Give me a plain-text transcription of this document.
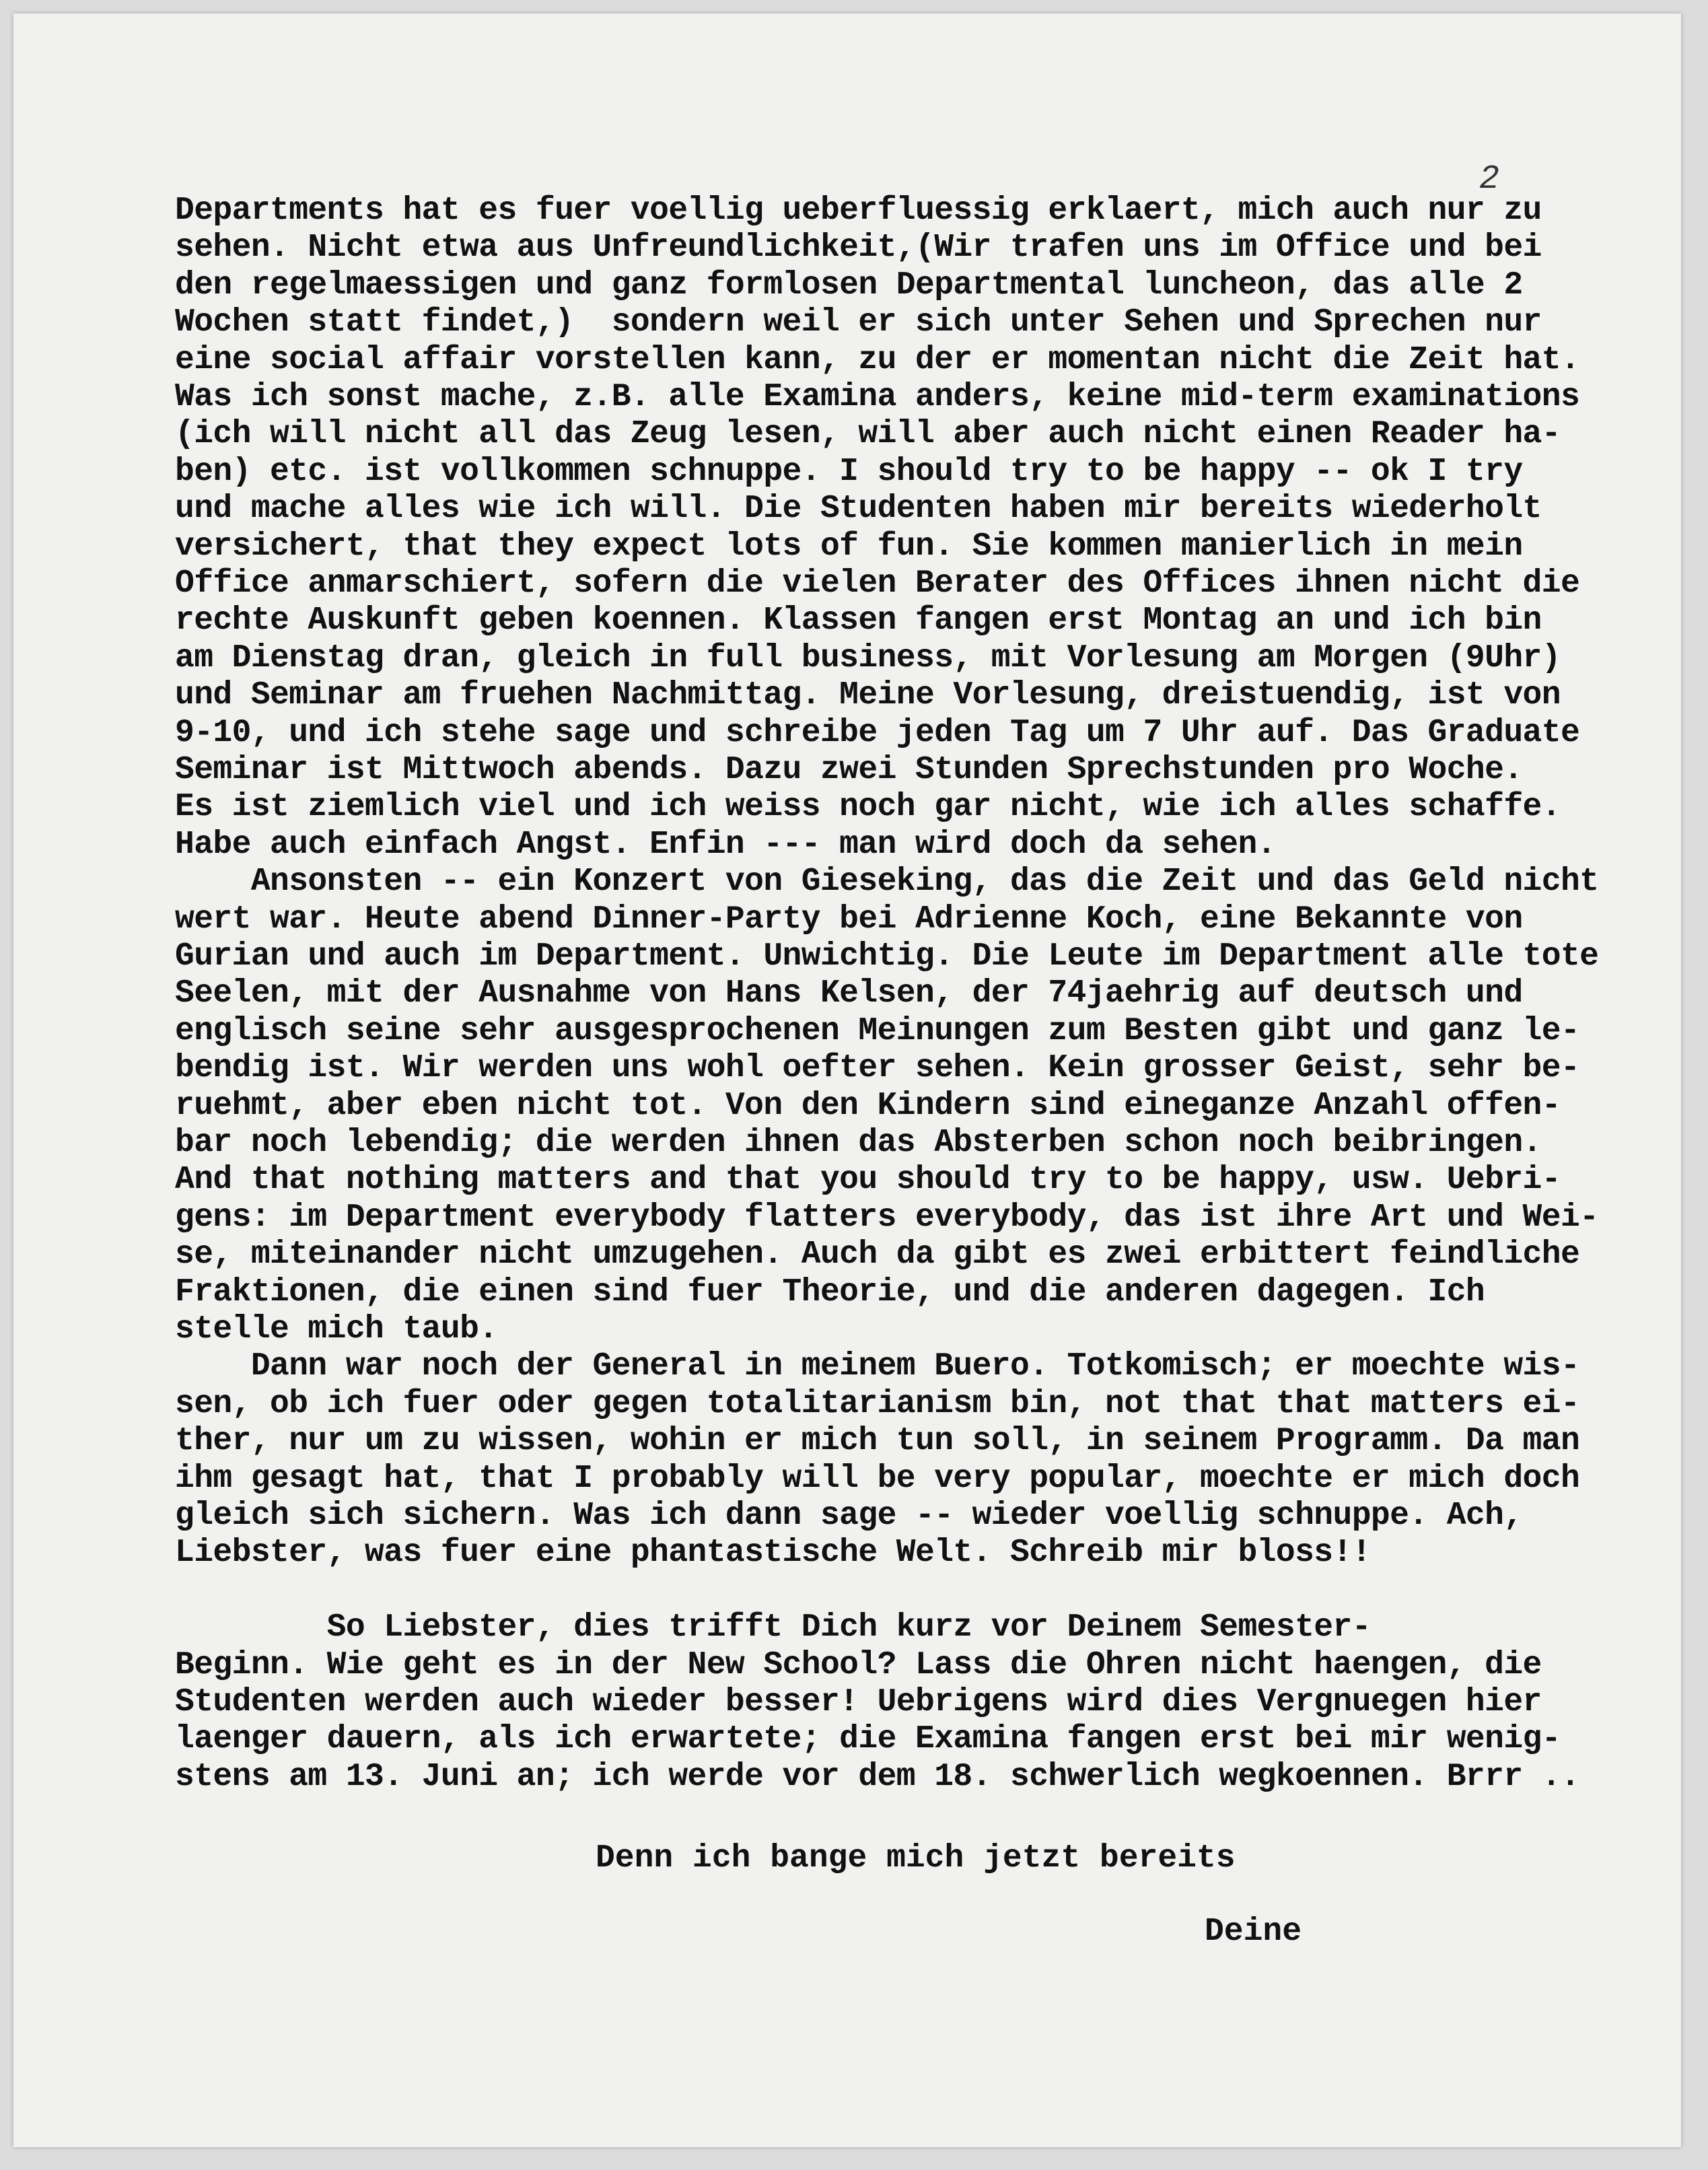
2
Departments hat es fuer voellig ueberfluessig erklaert, mich auch nur zu
sehen. Nicht etwa aus Unfreundlichkeit,(Wir trafen uns im Office und bei
den regelmaessigen und ganz formlosen Departmental luncheon, das alle 2
Wochen statt findet,)  sondern weil er sich unter Sehen und Sprechen nur
eine social affair vorstellen kann, zu der er momentan nicht die Zeit hat.
Was ich sonst mache, z.B. alle Examina anders, keine mid-term examinations
(ich will nicht all das Zeug lesen, will aber auch nicht einen Reader ha-
ben) etc. ist vollkommen schnuppe. I should try to be happy -- ok I try
und mache alles wie ich will. Die Studenten haben mir bereits wiederholt
versichert, that they expect lots of fun. Sie kommen manierlich in mein
Office anmarschiert, sofern die vielen Berater des Offices ihnen nicht die
rechte Auskunft geben koennen. Klassen fangen erst Montag an und ich bin
am Dienstag dran, gleich in full business, mit Vorlesung am Morgen (9Uhr)
und Seminar am fruehen Nachmittag. Meine Vorlesung, dreistuendig, ist von
9-10, und ich stehe sage und schreibe jeden Tag um 7 Uhr auf. Das Graduate
Seminar ist Mittwoch abends. Dazu zwei Stunden Sprechstunden pro Woche.
Es ist ziemlich viel und ich weiss noch gar nicht, wie ich alles schaffe.
Habe auch einfach Angst. Enfin --- man wird doch da sehen.
Ansonsten -- ein Konzert von Gieseking, das die Zeit und das Geld nicht
wert war. Heute abend Dinner-Party bei Adrienne Koch, eine Bekannte von
Gurian und auch im Department. Unwichtig. Die Leute im Department alle tote
Seelen, mit der Ausnahme von Hans Kelsen, der 74jaehrig auf deutsch und
englisch seine sehr ausgesprochenen Meinungen zum Besten gibt und ganz le-
bendig ist. Wir werden uns wohl oefter sehen. Kein grosser Geist, sehr be-
ruehmt, aber eben nicht tot. Von den Kindern sind eineganze Anzahl offen-
bar noch lebendig; die werden ihnen das Absterben schon noch beibringen.
And that nothing matters and that you should try to be happy, usw. Uebri-
gens: im Department everybody flatters everybody, das ist ihre Art und Wei-
se, miteinander nicht umzugehen. Auch da gibt es zwei erbittert feindliche
Fraktionen, die einen sind fuer Theorie, und die anderen dagegen. Ich
stelle mich taub.
Dann war noch der General in meinem Buero. Totkomisch; er moechte wis-
sen, ob ich fuer oder gegen totalitarianism bin, not that that matters ei-
ther, nur um zu wissen, wohin er mich tun soll, in seinem Programm. Da man
ihm gesagt hat, that I probably will be very popular, moechte er mich doch
gleich sich sichern. Was ich dann sage -- wieder voellig schnuppe. Ach,
Liebster, was fuer eine phantastische Welt. Schreib mir bloss!!
So Liebster, dies trifft Dich kurz vor Deinem Semester-
Beginn. Wie geht es in der New School? Lass die Ohren nicht haengen, die
Studenten werden auch wieder besser! Uebrigens wird dies Vergnuegen hier
laenger dauern, als ich erwartete; die Examina fangen erst bei mir wenig-
stens am 13. Juni an; ich werde vor dem 18. schwerlich wegkoennen. Brrr ..
Denn ich bange mich jetzt bereits
Deine
